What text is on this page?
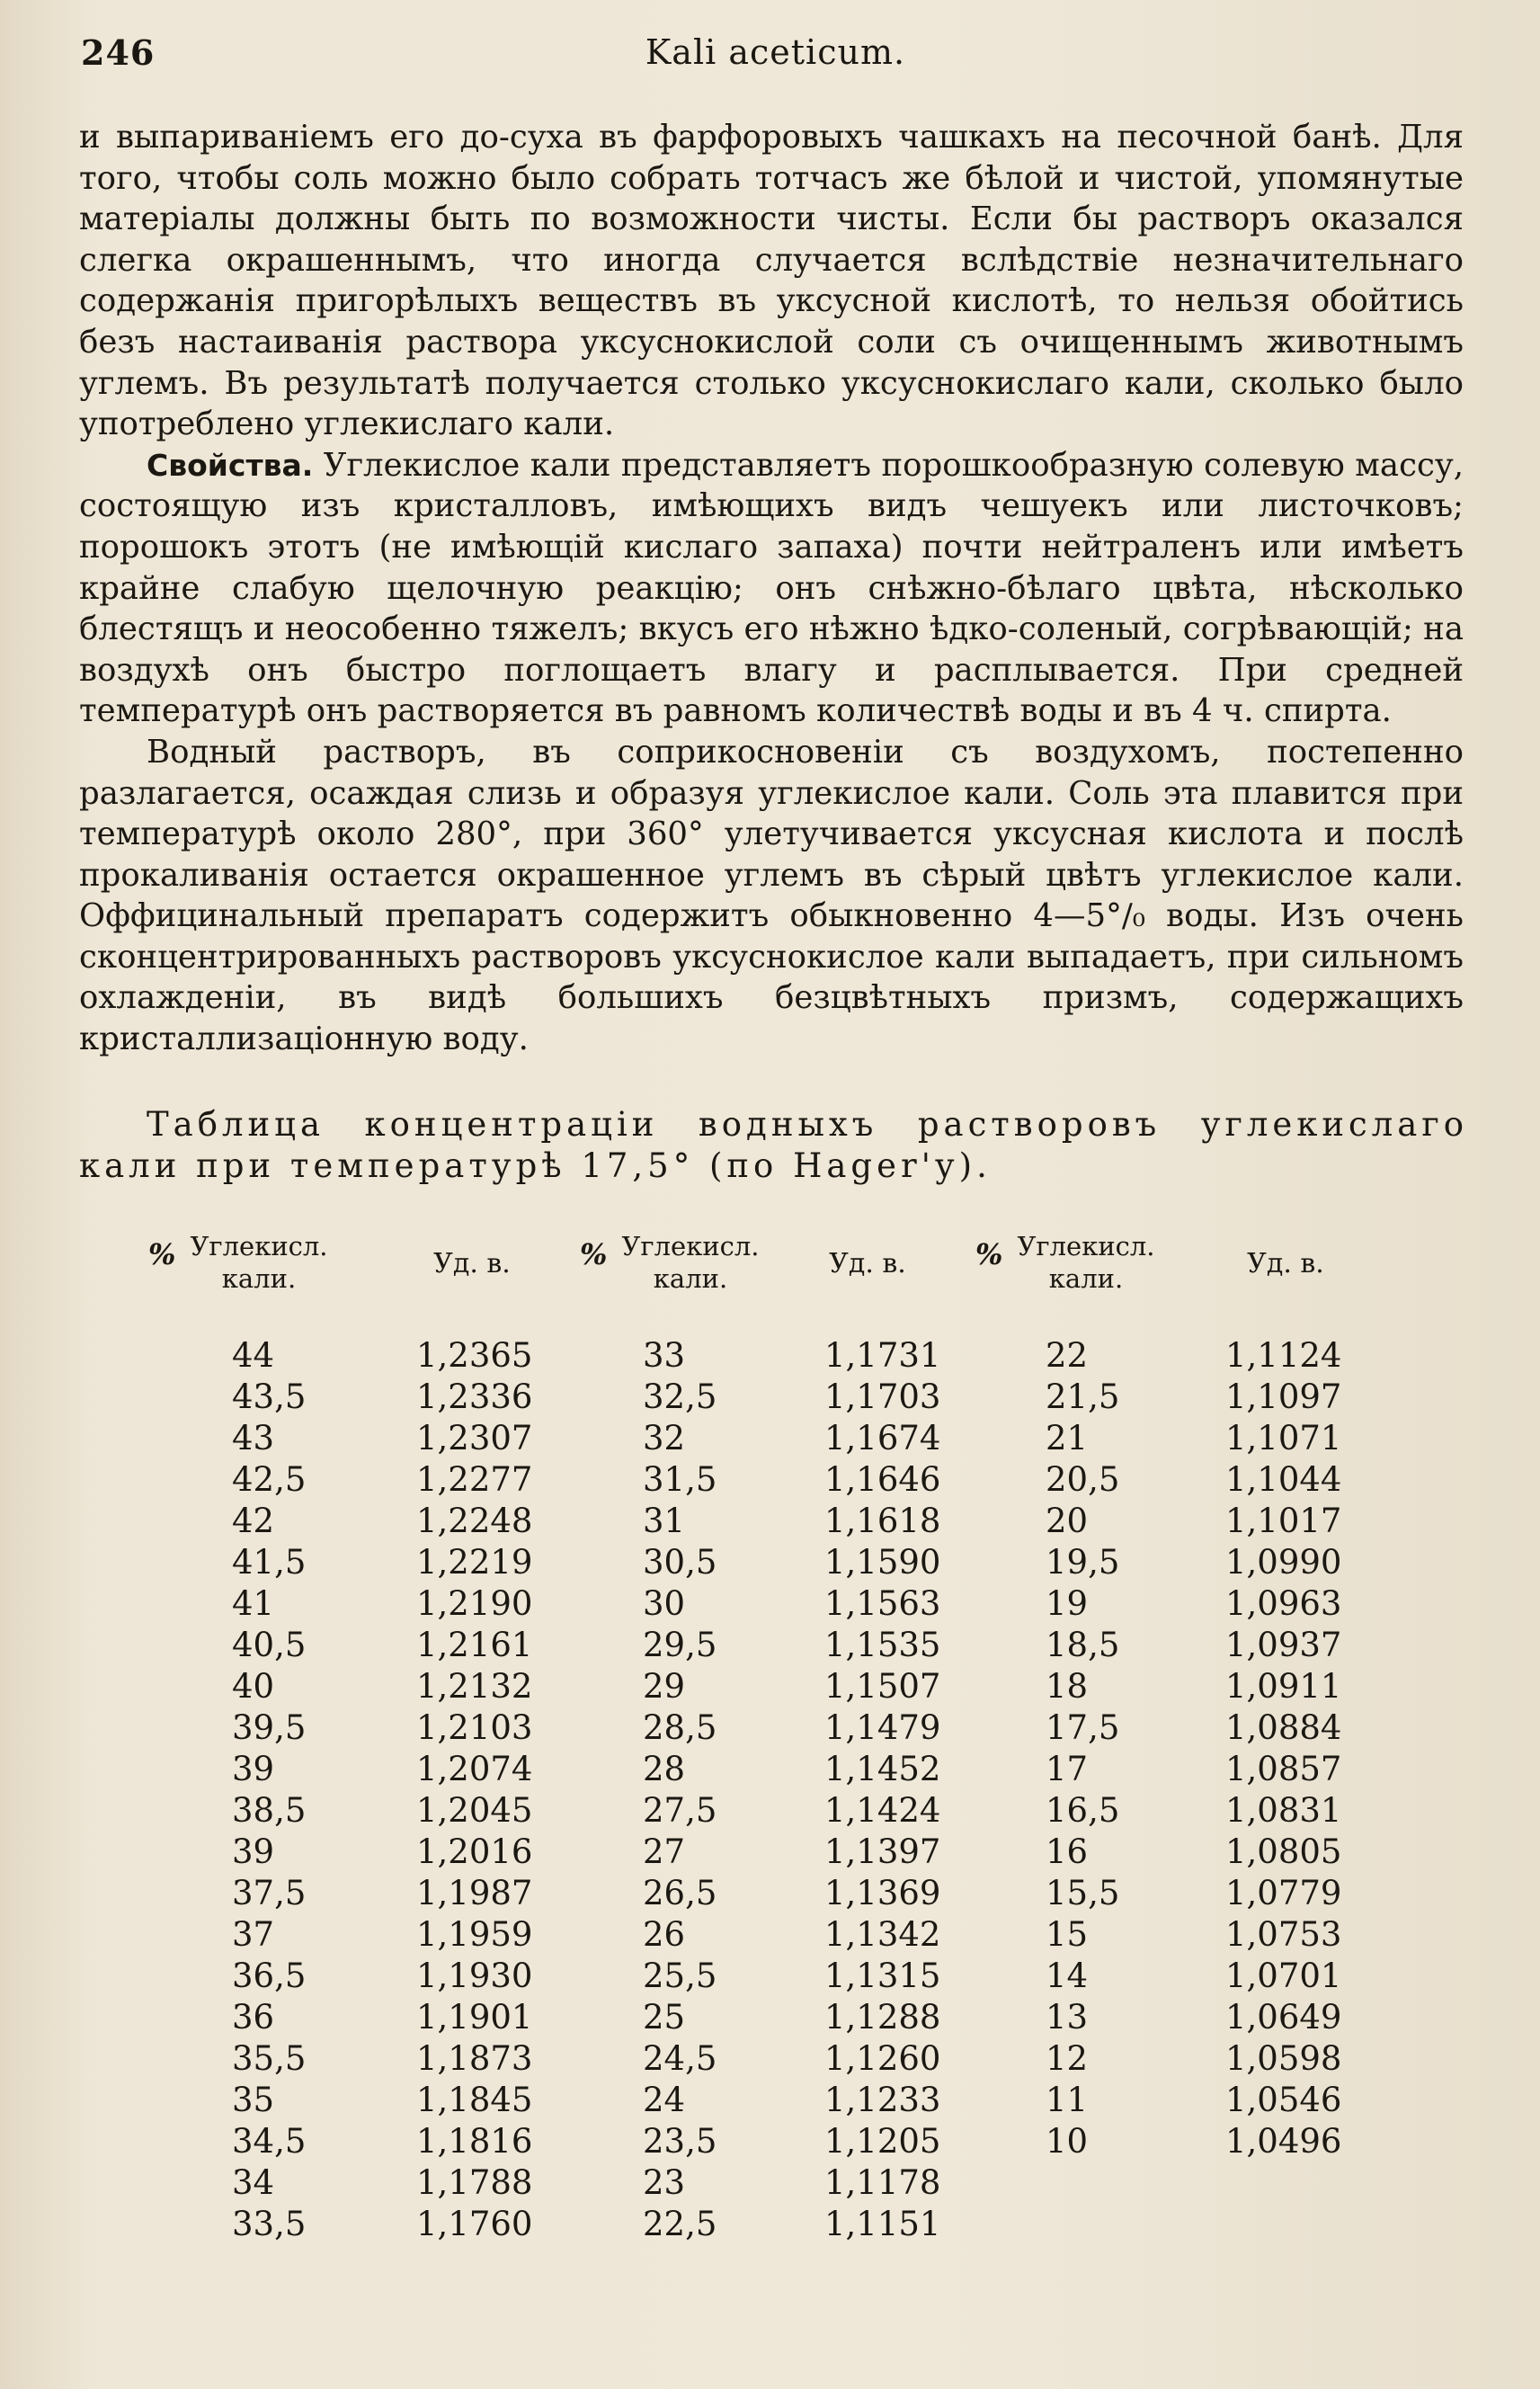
246	Kali aceticum.

и выпариваніемъ его до-суха въ фарфоровыхъ чашкахъ на песочной банѣ. Для того, чтобы соль можно было собрать тотчасъ же бѣлой и чистой, упомянутые матеріалы должны быть по возможности чисты. Если бы растворъ оказался слегка окрашеннымъ, что иногда случается вслѣдствіе незначительнаго содержанія пригорѣлыхъ веществъ въ уксусной кислотѣ, то нельзя обойтись безъ настаиванія раствора уксуснокислой соли съ очищеннымъ животнымъ углемъ. Въ результатѣ получается столько уксуснокислаго кали, сколько было употреблено углекислаго кали.

Свойства. Углекислое кали представляетъ порошкообразную солевую массу, состоящую изъ кристалловъ, имѣющихъ видъ чешуекъ или листочковъ; порошокъ этотъ (не имѣющій кислаго запаха) почти нейтраленъ или имѣетъ крайне слабую щелочную реакцію; онъ снѣжно-бѣлаго цвѣта, нѣсколько блестящъ и неособенно тяжелъ; вкусъ его нѣжно ѣдко-соленый, согрѣвающій; на воздухѣ онъ быстро поглощаетъ влагу и расплывается. При средней температурѣ онъ растворяется въ равномъ количествѣ воды и въ 4 ч. спирта.

Водный растворъ, въ соприкосновеніи съ воздухомъ, постепенно разлагается, осаждая слизь и образуя углекислое кали. Соль эта плавится при температурѣ около 280°, при 360° улетучивается уксусная кислота и послѣ прокаливанія остается окрашенное углемъ въ сѣрый цвѣтъ углекислое кали. Оффицинальный препаратъ содержитъ обыкновенно 4—5°/₀ воды. Изъ очень сконцентрированныхъ растворовъ уксуснокислое кали выпадаетъ, при сильномъ охлажденіи, въ видѣ большихъ безцвѣтныхъ призмъ, содержащихъ кристаллизаціонную воду.

Таблица концентраціи водныхъ растворовъ углекислаго кали при температурѣ 17,5° (по Hager'у).

% Углекисл. кали.	Уд. в.
44	1,2365
43,5	1,2336
43	1,2307
42,5	1,2277
42	1,2248
41,5	1,2219
41	1,2190
40,5	1,2161
40	1,2132
39,5	1,2103
39	1,2074
38,5	1,2045
39	1,2016
37,5	1,1987
37	1,1959
36,5	1,1930
36	1,1901
35,5	1,1873
35	1,1845
34,5	1,1816
34	1,1788
33,5	1,1760
% Углекисл. кали.	Уд. в.
33	1,1731
32,5	1,1703
32	1,1674
31,5	1,1646
31	1,1618
30,5	1,1590
30	1,1563
29,5	1,1535
29	1,1507
28,5	1,1479
28	1,1452
27,5	1,1424
27	1,1397
26,5	1,1369
26	1,1342
25,5	1,1315
25	1,1288
24,5	1,1260
24	1,1233
23,5	1,1205
23	1,1178
22,5	1,1151
% Углекисл. кали.	Уд. в.
22	1,1124
21,5	1,1097
21	1,1071
20,5	1,1044
20	1,1017
19,5	1,0990
19	1,0963
18,5	1,0937
18	1,0911
17,5	1,0884
17	1,0857
16,5	1,0831
16	1,0805
15,5	1,0779
15	1,0753
14	1,0701
13	1,0649
12	1,0598
11	1,0546
10	1,0496
